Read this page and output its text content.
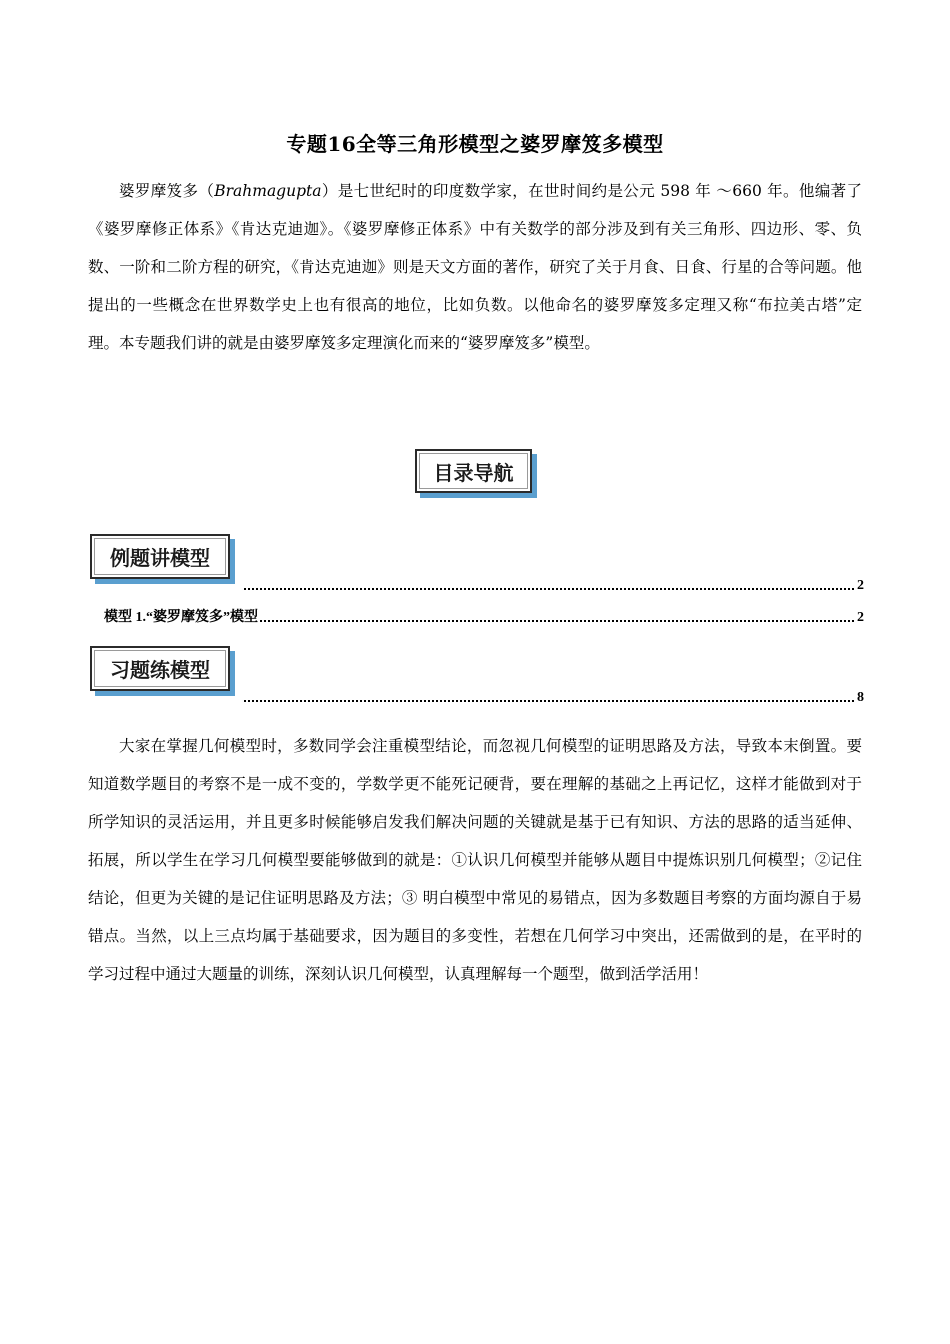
专题16全等三角形模型之婆罗摩笈多模型

婆罗摩笈多（Brahmagupta）是七世纪时的印度数学家，在世时间约是公元 598 年 ～660 年。他编著了《婆罗摩修正体系》《肯达克迪迦》。《婆罗摩修正体系》中有关数学的部分涉及到有关三角形、四边形、零、负数、一阶和二阶方程的研究，《肯达克迪迦》则是天文方面的著作，研究了关于月食、日食、行星的合等问题。他提出的一些概念在世界数学史上也有很高的地位，比如负数。以他命名的婆罗摩笈多定理又称“布拉美古塔”定理。本专题我们讲的就是由婆罗摩笈多定理演化而来的“婆罗摩笈多”模型。

目录导航
例题讲模型
2
模型 1.“婆罗摩笈多”模型	2
习题练模型
8

大家在掌握几何模型时，多数同学会注重模型结论，而忽视几何模型的证明思路及方法，导致本末倒置。要知道数学题目的考察不是一成不变的，学数学更不能死记硬背，要在理解的基础之上再记忆，这样才能做到对于所学知识的灵活运用，并且更多时候能够启发我们解决问题的关键就是基于已有知识、方法的思路的适当延伸、拓展，所以学生在学习几何模型要能够做到的就是：①认识几何模型并能够从题目中提炼识别几何模型；②记住结论，但更为关键的是记住证明思路及方法；③ 明白模型中常见的易错点，因为多数题目考察的方面均源自于易错点。当然，以上三点均属于基础要求，因为题目的多变性，若想在几何学习中突出，还需做到的是，在平时的学习过程中通过大题量的训练，深刻认识几何模型，认真理解每一个题型，做到活学活用！
